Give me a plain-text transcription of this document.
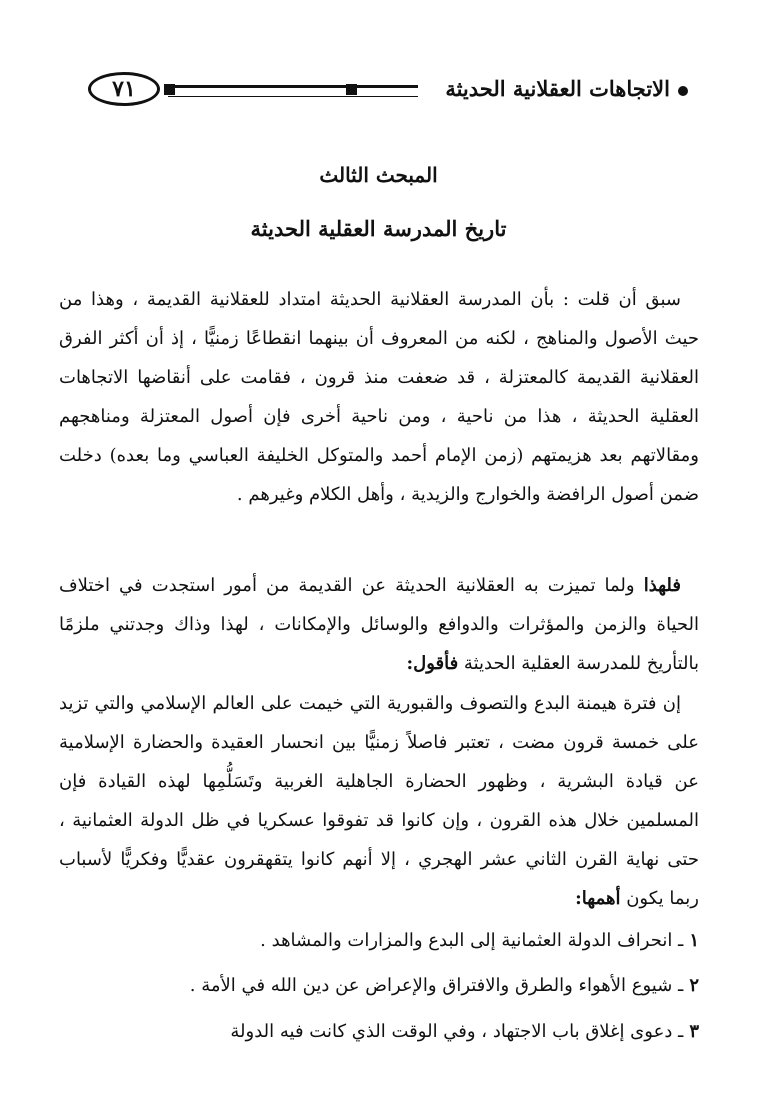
الاتجاهات العقلانية الحديثة
٧١
المبحث الثالث
تاريخ المدرسة العقلية الحديثة
سبق أن قلت : بأن المدرسة العقلانية الحديثة امتداد للعقلانية القديمة ، وهذا من حيث الأصول والمناهج ، لكنه من المعروف أن بينهما انقطاعًا زمنيًّا ، إذ أن أكثر الفرق العقلانية القديمة كالمعتزلة ، قد ضعفت منذ قرون ، فقامت على أنقاضها الاتجاهات العقلية الحديثة ، هذا من ناحية ، ومن ناحية أخرى فإن أصول المعتزلة ومناهجهم ومقالاتهم بعد هزيمتهم (زمن الإمام أحمد والمتوكل الخليفة العباسي وما بعده) دخلت ضمن أصول الرافضة والخوارج والزيدية ، وأهل الكلام وغيرهم .
فلهذا ولما تميزت به العقلانية الحديثة عن القديمة من أمور استجدت في اختلاف الحياة والزمن والمؤثرات والدوافع والوسائل والإمكانات ، لهذا وذاك وجدتني ملزمًا بالتأريخ للمدرسة العقلية الحديثة فأقول:
إن فترة هيمنة البدع والتصوف والقبورية التي خيمت على العالم الإسلامي والتي تزيد على خمسة قرون مضت ، تعتبر فاصلاً زمنيًّا بين انحسار العقيدة والحضارة الإسلامية عن قيادة البشرية ، وظهور الحضارة الجاهلية الغربية وتَسَلُّمِها لهذه القيادة فإن المسلمين خلال هذه القرون ، وإن كانوا قد تفوقوا عسكريا في ظل الدولة العثمانية ، حتى نهاية القرن الثاني عشر الهجري ، إلا أنهم كانوا يتقهقرون عقديًّا وفكريًّا لأسباب ربما يكون أهمها:
١ـ انحراف الدولة العثمانية إلى البدع والمزارات والمشاهد .
٢ـ شيوع الأهواء والطرق والافتراق والإعراض عن دين الله في الأمة .
٣ـ دعوى إغلاق باب الاجتهاد ، وفي الوقت الذي كانت فيه الدولة
